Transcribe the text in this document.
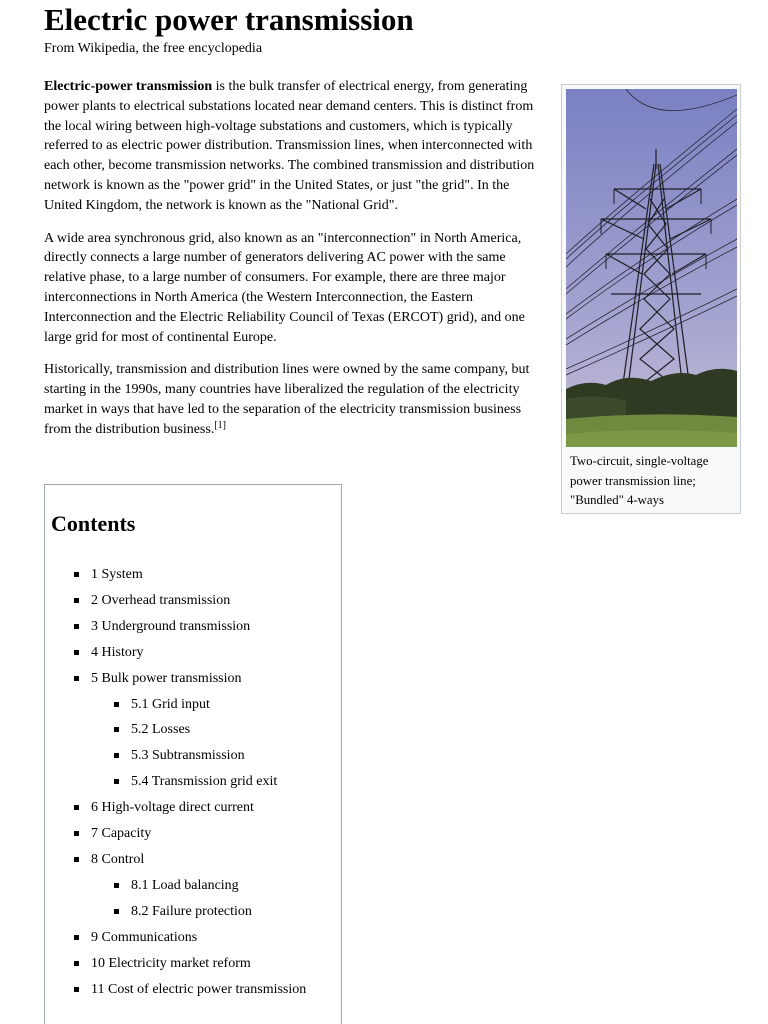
Electric power transmission
From Wikipedia, the free encyclopedia

Electric-power transmission is the bulk transfer of electrical energy, from generating power plants to electrical substations located near demand centers. This is distinct from the local wiring between high-voltage substations and customers, which is typically referred to as electric power distribution. Transmission lines, when interconnected with each other, become transmission networks. The combined transmission and distribution network is known as the "power grid" in the United States, or just "the grid". In the United Kingdom, the network is known as the "National Grid".

A wide area synchronous grid, also known as an "interconnection" in North America, directly connects a large number of generators delivering AC power with the same relative phase, to a large number of consumers. For example, there are three major interconnections in North America (the Western Interconnection, the Eastern Interconnection and the Electric Reliability Council of Texas (ERCOT) grid), and one large grid for most of continental Europe.

Historically, transmission and distribution lines were owned by the same company, but starting in the 1990s, many countries have liberalized the regulation of the electricity market in ways that have led to the separation of the electricity transmission business from the distribution business.[1]

Two-circuit, single-voltage power transmission line; "Bundled" 4-ways
Contents
1 System
2 Overhead transmission
3 Underground transmission
4 History
5 Bulk power transmission
5.1 Grid input
5.2 Losses
5.3 Subtransmission
5.4 Transmission grid exit
6 High-voltage direct current
7 Capacity
8 Control
8.1 Load balancing
8.2 Failure protection
9 Communications
10 Electricity market reform
11 Cost of electric power transmission
